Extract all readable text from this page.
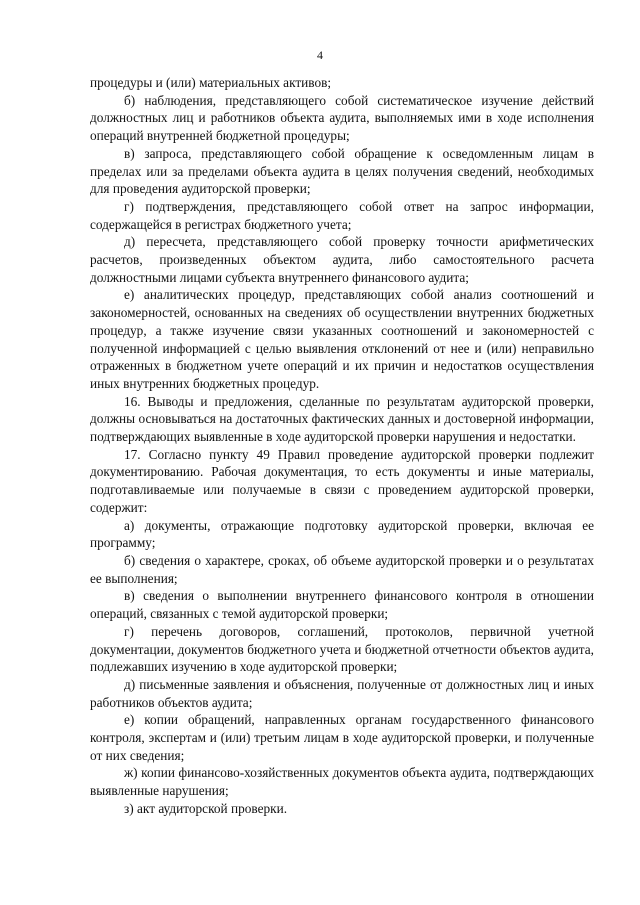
4

процедуры и (или) материальных активов;

б) наблюдения, представляющего собой систематическое изучение действий должностных лиц и работников объекта аудита, выполняемых ими в ходе исполнения операций внутренней бюджетной процедуры;

в) запроса, представляющего собой обращение к осведомленным лицам в пределах или за пределами объекта аудита в целях получения сведений, необходимых для проведения аудиторской проверки;

г) подтверждения, представляющего собой ответ на запрос информации, содержащейся в регистрах бюджетного учета;

д) пересчета, представляющего собой проверку точности арифметических расчетов, произведенных объектом аудита, либо самостоятельного расчета должностными лицами субъекта внутреннего финансового аудита;

е) аналитических процедур, представляющих собой анализ соотношений и закономерностей, основанных на сведениях об осуществлении внутренних бюджетных процедур, а также изучение связи указанных соотношений и закономерностей с полученной информацией с целью выявления отклонений от нее и (или) неправильно отраженных в бюджетном учете операций и их причин и недостатков осуществления иных внутренних бюджетных процедур.

16. Выводы и предложения, сделанные по результатам аудиторской проверки, должны основываться на достаточных фактических данных и достоверной информации, подтверждающих выявленные в ходе аудиторской проверки нарушения и недостатки.

17. Согласно пункту 49 Правил проведение аудиторской проверки подлежит документированию. Рабочая документация, то есть документы и иные материалы, подготавливаемые или получаемые в связи с проведением аудиторской проверки, содержит:

а) документы, отражающие подготовку аудиторской проверки, включая ее программу;

б) сведения о характере, сроках, об объеме аудиторской проверки и о результатах ее выполнения;

в) сведения о выполнении внутреннего финансового контроля в отношении операций, связанных с темой аудиторской проверки;

г) перечень договоров, соглашений, протоколов, первичной учетной документации, документов бюджетного учета и бюджетной отчетности объектов аудита, подлежавших изучению в ходе аудиторской проверки;

д) письменные заявления и объяснения, полученные от должностных лиц и иных работников объектов аудита;

е) копии обращений, направленных органам государственного финансового контроля, экспертам и (или) третьим лицам в ходе аудиторской проверки, и полученные от них сведения;

ж) копии финансово-хозяйственных документов объекта аудита, подтверждающих выявленные нарушения;

з) акт аудиторской проверки.
